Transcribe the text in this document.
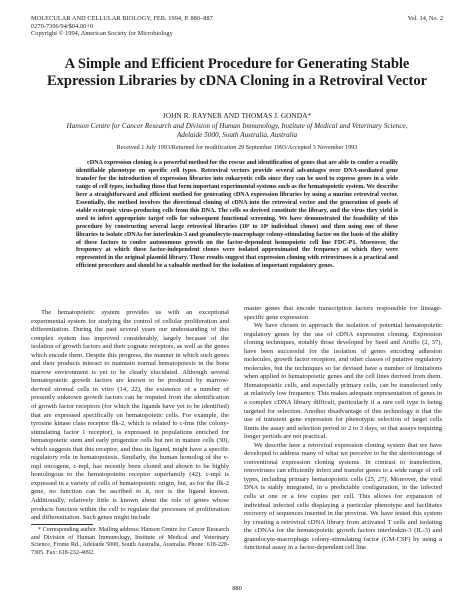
MOLECULAR AND CELLULAR BIOLOGY, FEB. 1994, P. 880–887
0270-7306/94/$04.00+0
Copyright © 1994, American Society for Microbiology
Vol. 14, No. 2
A Simple and Efficient Procedure for Generating Stable Expression Libraries by cDNA Cloning in a Retroviral Vector
JOHN R. RAYNER AND THOMAS J. GONDA*
Hanson Centre for Cancer Research and Division of Human Immunology, Institute of Medical and Veterinary Science, Adelaide 5000, South Australia, Australia
Received 1 July 1993/Returned for modification 29 September 1993/Accepted 3 November 1993
cDNA expression cloning is a powerful method for the rescue and identification of genes that are able to confer a readily identifiable phenotype on specific cell types. Retroviral vectors provide several advantages over DNA-mediated gene transfer for the introduction of expression libraries into eukaryotic cells since they can be used to express genes in a wide range of cell types, including those that form important experimental systems such as the hematopoietic system. We describe here a straightforward and efficient method for generating cDNA expression libraries by using a murine retroviral vector. Essentially, the method involves the directional cloning of cDNA into the retroviral vector and the generation of pools of stable ecotropic virus-producing cells from this DNA. The cells so derived constitute the library, and the virus they yield is used to infect appropriate target cells for subsequent functional screening. We have demonstrated the feasibility of this procedure by constructing several large retroviral libraries (10⁵ to 10⁶ individual clones) and then using one of these libraries to isolate cDNAs for interleukin-3 and granulocyte-macrophage colony-stimulating factor on the basis of the ability of these factors to confer autonomous growth on the factor-dependent hemopoietic cell line FDC-P1. Moreover, the frequency at which these factor-independent clones were isolated approximated the frequency at which they were represented in the original plasmid library. These results suggest that expression cloning with retroviruses is a practical and efficient procedure and should be a valuable method for the isolation of important regulatory genes.

The hematopoietic system provides us with an exceptional experimental system for studying the control of cellular proliferation and differentiation. During the past several years our understanding of this complex system has improved considerably, largely because of the isolation of growth factors and their cognate receptors, as well as the genes which encode them. Despite this progress, the manner in which such genes and their products interact to maintain normal hematopoiesis in the bone marrow environment is yet to be clearly elucidated. Although several hematopoietic growth factors are known to be produced by marrow-derived stromal cells in vitro (14, 22), the existence of a number of presently unknown growth factors can be imputed from the identification of growth factor receptors (for which the ligands have yet to be identified) that are expressed specifically on hematopoietic cells. For example, the tyrosine kinase class receptor flk-2, which is related to c-fms (the colony-stimulating factor 1 receptor), is expressed in populations enriched for hematopoietic stem and early progenitor cells but not in mature cells (30), which suggests that this receptor, and thus its ligand, might have a specific regulatory role in hematopoiesis. Similarly, the human homolog of the v-mpl oncogene, c-mpl, has recently been cloned and shown to be highly homologous to the hematopoietin receptor superfamily (42). c-mpl is expressed in a variety of cells of hematopoietic origin, but, as for the flk-2 gene, no function can be ascribed to it, nor is the ligand known. Additionally, relatively little is known about the role of genes whose products function within the cell to regulate the processes of proliferation and differentiation. Such genes might include

master genes that encode transcription factors responsible for lineage-specific gene expression.

We have chosen to approach the isolation of potential hematopoietic regulatory genes by the use of cDNA expression cloning. Expression cloning techniques, notably those developed by Seed and Aruffo (2, 37), have been successful for the isolation of genes encoding adhesion molecules, growth factor receptors, and other classes of putative regulatory molecules, but the techniques so far devised have a number of limitations when applied to hematopoietic genes and the cell lines derived from them. Hematopoietic cells, and especially primary cells, can be transfected only at relatively low frequency. This makes adequate representation of genes in a complex cDNA library difficult, particularly if a rare cell type is being targeted for selection. Another disadvantage of this technology is that the use of transient gene expression for phenotypic selection of target cells limits the assay and selection period to 2 to 3 days, so that assays requiring longer periods are not practical.

We describe here a retroviral expression cloning system that we have developed to address many of what we perceive to be the shortcomings of conventional expression cloning systems. In contrast to transfection, retroviruses can efficiently infect and transfer genes to a wide range of cell types, including primary hematopoietic cells (25, 27). Moreover, the viral DNA is stably integrated, in a predictable configuration, in the infected cells at one or a few copies per cell. This allows for expansion of individual infected cells displaying a particular phenotype and facilitates recovery of sequences inserted in the provirus. We have tested this system by creating a retroviral cDNA library from activated T cells and isolating the cDNAs for the hematopoietic growth factors interleukin-3 (IL-3) and granulocyte-macrophage colony-stimulating factor (GM-CSF) by using a functional assay in a factor-dependent cell line.

* Corresponding author. Mailing address: Hanson Centre for Cancer Research and Division of Human Immunology, Institute of Medical and Veterinary Science, Frome Rd., Adelaide 5000, South Australia, Australia. Phone: 618-228-7305. Fax: 618-232-4092.
880
